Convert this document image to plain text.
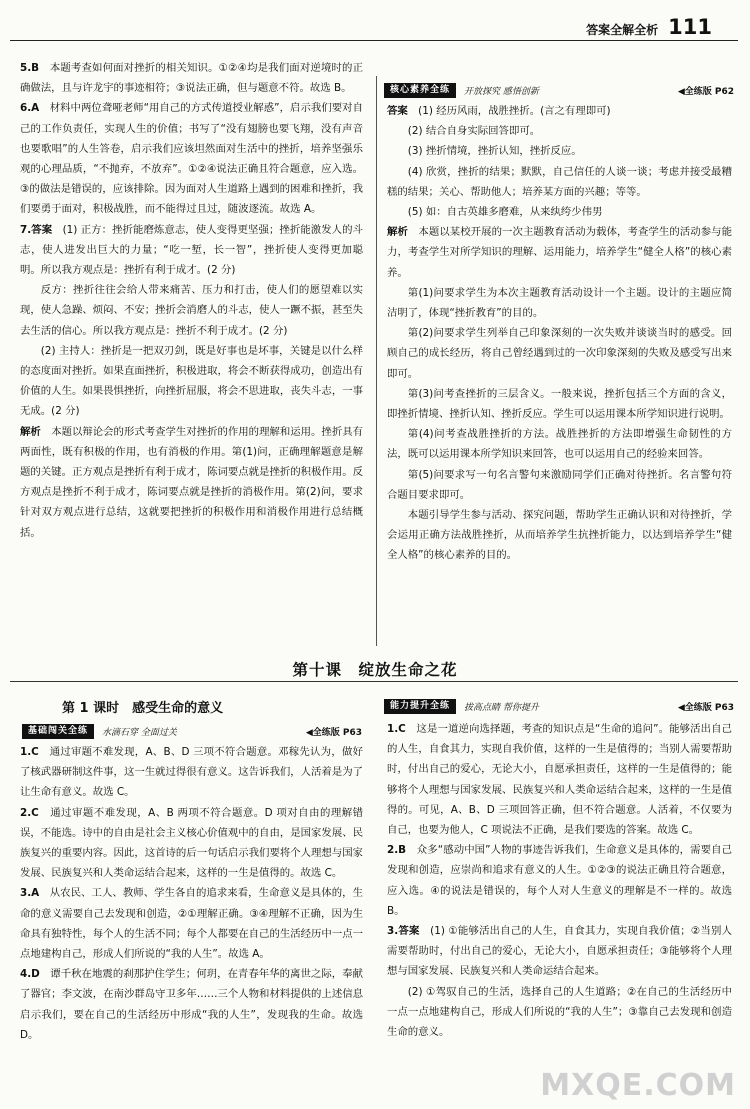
答案全解全析 111

5.B　本题考查如何面对挫折的相关知识。①②④均是我们面对逆境时的正确做法，且与许龙宇的事迹相符；③说法正确，但与题意不符。故选 B。

6.A　材料中两位聋哑老师“用自己的方式传道授业解惑”，启示我们要对自己的工作负责任，实现人生的价值；书写了“没有翅膀也要飞翔，没有声音也要歌唱”的人生答卷，启示我们应该坦然面对生活中的挫折，培养坚强乐观的心理品质，“不抛弃，不放弃”。①②④说法正确且符合题意，应入选。③的做法是错误的，应该排除。因为面对人生道路上遇到的困难和挫折，我们要勇于面对，积极战胜，而不能得过且过，随波逐流。故选 A。

7.答案　(1) 正方：挫折能磨炼意志，使人变得更坚强；挫折能激发人的斗志，使人进发出巨大的力量；“吃一堑，长一智”，挫折使人变得更加聪明。所以我方观点是：挫折有利于成才。(2 分)

反方：挫折往往会给人带来痛苦、压力和打击，使人们的愿望难以实现，使人急躁、烦闷、不安；挫折会消磨人的斗志，使人一蹶不振，甚至失去生活的信心。所以我方观点是：挫折不利于成才。(2 分)

(2) 主持人：挫折是一把双刃剑，既是好事也是坏事，关键是以什么样的态度面对挫折。如果直面挫折，积极进取，将会不断获得成功，创造出有价值的人生。如果畏惧挫折，向挫折屈服，将会不思进取，丧失斗志，一事无成。(2 分)

解析　本题以辩论会的形式考查学生对挫折的作用的理解和运用。挫折具有两面性，既有积极的作用，也有消极的作用。第(1)问，正确理解题意是解题的关键。正方观点是挫折有利于成才，陈词要点就是挫折的积极作用。反方观点是挫折不利于成才，陈词要点就是挫折的消极作用。第(2)问，要求针对双方观点进行总结，这就要把挫折的积极作用和消极作用进行总结概括。

核心素养全练	开放探究 感悟创新	◀全练版 P62

答案　(1) 经历风雨，战胜挫折。(言之有理即可)

(2) 结合自身实际回答即可。

(3) 挫折情境，挫折认知，挫折反应。

(4) 欣赏，挫折的结果；默默，自己信任的人谈一谈；考虑并接受最糟糕的结果；关心、帮助他人；培养某方面的兴趣；等等。

(5) 如：自古英雄多磨难，从来纨绔少伟男

解析　本题以某校开展的一次主题教育活动为载体，考查学生的活动参与能力，考查学生对所学知识的理解、运用能力，培养学生“健全人格”的核心素养。

第(1)问要求学生为本次主题教育活动设计一个主题。设计的主题应简洁明了，体现“挫折教育”的目的。

第(2)问要求学生列举自己印象深刻的一次失败并谈谈当时的感受。回顾自己的成长经历，将自己曾经遇到过的一次印象深刻的失败及感受写出来即可。

第(3)问考查挫折的三层含义。一般来说，挫折包括三个方面的含义，即挫折情境、挫折认知、挫折反应。学生可以运用课本所学知识进行说明。

第(4)问考查战胜挫折的方法。战胜挫折的方法即增强生命韧性的方法，既可以运用课本所学知识来回答，也可以运用自己的经验来回答。

第(5)问要求写一句名言警句来激励同学们正确对待挫折。名言警句符合题目要求即可。

本题引导学生参与活动、探究问题，帮助学生正确认识和对待挫折，学会运用正确方法战胜挫折，从而培养学生抗挫折能力，以达到培养学生“健全人格”的核心素养的目的。

第十课　绽放生命之花
第 1 课时　感受生命的意义
基础闯关全练	水滴石穿 全面过关	◀全练版 P63

1.C　通过审题不难发现，A、B、D 三项不符合题意。邓稼先认为，做好了核武器研制这件事，这一生就过得很有意义。这告诉我们，人活着是为了让生命有意义。故选 C。

2.C　通过审题不难发现，A、B 两项不符合题意。D 项对自由的理解错误，不能选。诗中的自由是社会主义核心价值观中的自由，是国家发展、民族复兴的重要内容。因此，这首诗的后一句话启示我们要将个人理想与国家发展、民族复兴和人类命运结合起来，这样的一生是值得的。故选 C。

3.A　从农民、工人、教师、学生各自的追求来看，生命意义是具体的，生命的意义需要自己去发现和创造，②①理解正确。③④理解不正确，因为生命具有独特性，每个人的生活不同；每个人都要在自己的生活经历中一点一点地建构自己，形成人们所说的“我的人生”。故选 A。

4.D　谭千秋在地震的刹那护住学生；何玥，在青春年华的离世之际，奉献了器官；李文波，在南沙群岛守卫多年……三个人物和材料提供的上述信息启示我们，要在自己的生活经历中形成“我的人生”，发现我的生命。故选 D。

能力提升全练	拔高点睛 帮你提升	◀全练版 P63

1.C　这是一道逆向选择题，考查的知识点是“生命的追问”。能够活出自己的人生，自食其力，实现自我价值，这样的一生是值得的；当别人需要帮助时，付出自己的爱心，无论大小，自愿承担责任，这样的一生是值得的；能够将个人理想与国家发展、民族复兴和人类命运结合起来，这样的一生是值得的。可见，A、B、D 三项回答正确，但不符合题意。人活着，不仅要为自己，也要为他人，C 项说法不正确，是我们要选的答案。故选 C。

2.B　众多“感动中国”人物的事迹告诉我们，生命意义是具体的，需要自己发现和创造，应崇尚和追求有意义的人生。①②③的说法正确且符合题意，应入选。④的说法是错误的，每个人对人生意义的理解是不一样的。故选 B。

3.答案　(1) ①能够活出自己的人生，自食其力，实现自我价值；②当别人需要帮助时，付出自己的爱心，无论大小，自愿承担责任；③能够将个人理想与国家发展、民族复兴和人类命运结合起来。

(2) ①驾驭自己的生活，选择自己的人生道路；②在自己的生活经历中一点一点地建构自己，形成人们所说的“我的人生”；③靠自己去发现和创造生命的意义。

MXQE.COM
